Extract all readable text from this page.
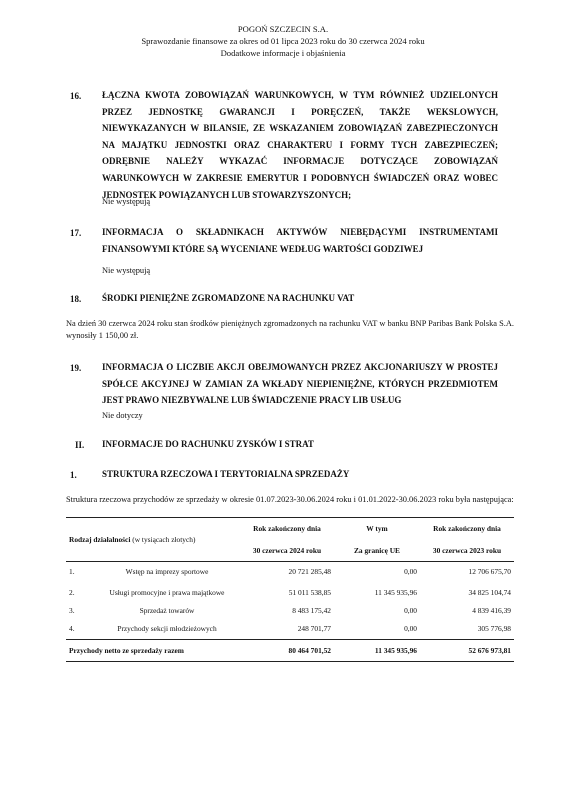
POGOŃ SZCZECIN S.A.
Sprawozdanie finansowe za okres od 01 lipca 2023 roku do 30 czerwca 2024 roku
Dodatkowe informacje i objaśnienia
16. ŁĄCZNA KWOTA ZOBOWIĄZAŃ WARUNKOWYCH, W TYM RÓWNIEŻ UDZIELONYCH PRZEZ JEDNOSTKĘ GWARANCJI I PORĘCZEŃ, TAKŻE WEKSLOWYCH, NIEWYKAZANYCH W BILANSIE, ZE WSKAZANIEM ZOBOWIĄZAŃ ZABEZPIECZONYCH NA MAJĄTKU JEDNOSTKI ORAZ CHARAKTERU I FORMY TYCH ZABEZPIECZEŃ; ODRĘBNIE NALEŻY WYKAZAĆ INFORMACJE DOTYCZĄCE ZOBOWIĄZAŃ WARUNKOWYCH W ZAKRESIE EMERYTUR I PODOBNYCH ŚWIADCZEŃ ORAZ WOBEC JEDNOSTEK POWIĄZANYCH LUB STOWARZYSZONYCH;

Nie występują
17. INFORMACJA O SKŁADNIKACH AKTYWÓW NIEBĘDĄCYMI INSTRUMENTAMI FINANSOWYMI KTÓRE SĄ WYCENIANE WEDŁUG WARTOŚCI GODZIWEJ

Nie występują
18. ŚRODKI PIENIĘŻNE ZGROMADZONE NA RACHUNKU VAT

Na dzień 30 czerwca 2024 roku stan środków pieniężnych zgromadzonych na rachunku VAT w banku BNP Paribas Bank Polska S.A. wynosiły 1 150,00 zł.
19. INFORMACJA O LICZBIE AKCJI OBEJMOWANYCH PRZEZ AKCJONARIUSZY W PROSTEJ SPÓŁCE AKCYJNEJ W ZAMIAN ZA WKŁADY NIEPIENIĘŻNE, KTÓRYCH PRZEDMIOTEM JEST PRAWO NIEZBYWALNE LUB ŚWIADCZENIE PRACY LIB USŁUG

Nie dotyczy
II. INFORMACJE DO RACHUNKU ZYSKÓW I STRAT

1.	STRUKTURA RZECZOWA I TERYTORIALNA SPRZEDAŻY

Struktura rzeczowa przychodów ze sprzedaży w okresie 01.07.2023-30.06.2024 roku i 01.01.2022-30.06.2023 roku była następująca:
Rodzaj działalności (w tysiącach złotych)		Rok zakończony dnia	W tym	Rok zakończony dnia
		30 czerwca 2024 roku	Za granicę UE	30 czerwca 2023 roku
1.	Wstęp na imprezy sportowe	20 721 285,48	0,00	12 706 675,70
2.	Usługi promocyjne i prawa majątkowe	51 011 538,85	11 345 935,96	34 825 104,74
3.	Sprzedaż towarów	8 483 175,42	0,00	4 839 416,39
4.	Przychody sekcji młodzieżowych	248 701,77	0,00	305 776,98
Przychody netto ze sprzedaży razem		80 464 701,52	11 345 935,96	52 676 973,81
